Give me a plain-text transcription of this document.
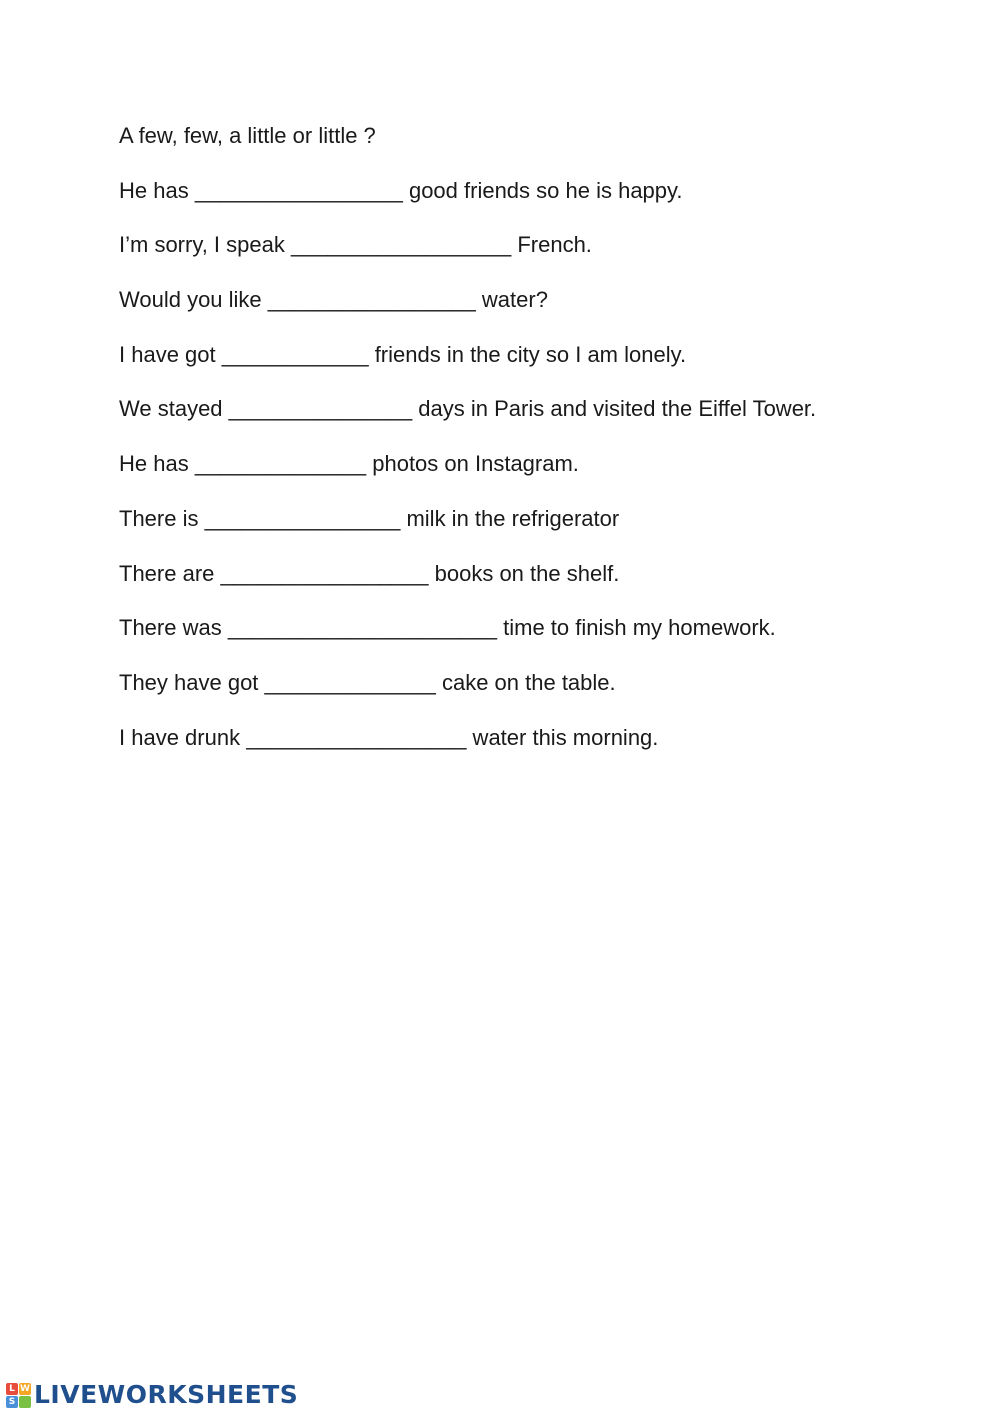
A few, few, a little or little ?
He has _________________ good friends so he is happy.
I’m sorry, I speak __________________ French.
Would you like _________________ water?
I have got ____________ friends in the city so I am lonely.
We stayed _______________ days in Paris and visited the Eiffel Tower.
He has ______________ photos on Instagram.
There is ________________ milk in the refrigerator
There are _________________ books on the shelf.
There was ______________________ time to finish my homework.
They have got ______________ cake on the table.
I have drunk __________________ water this morning.
L W
S LIVEWORKSHEETS
